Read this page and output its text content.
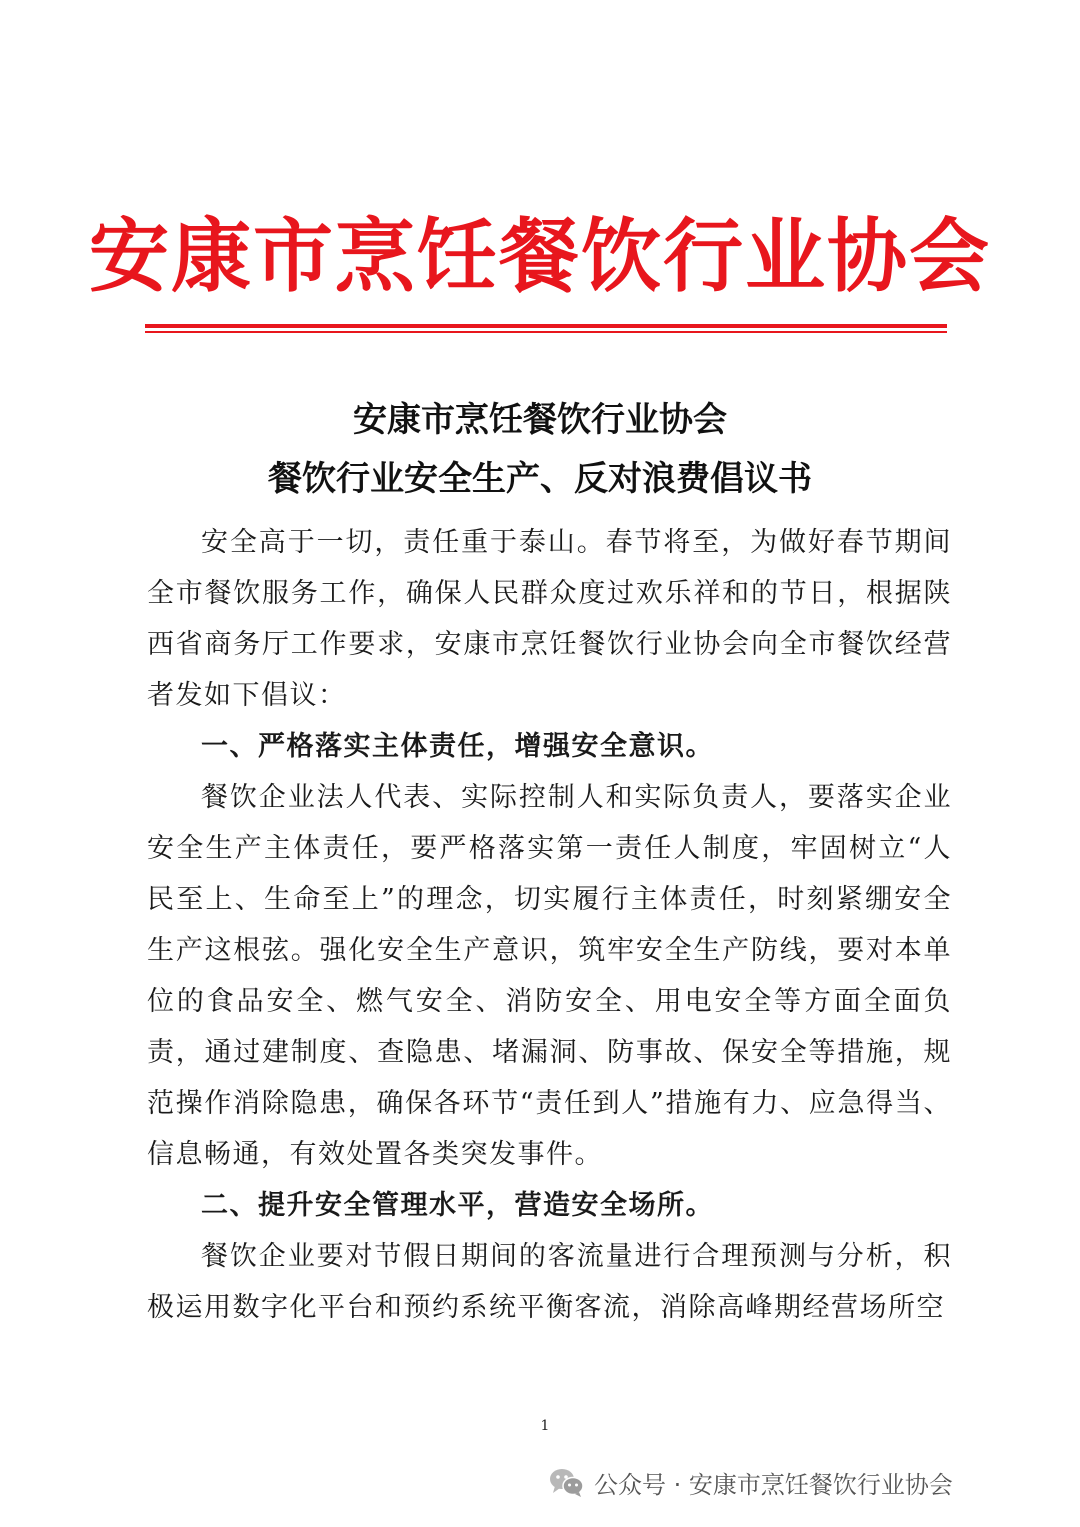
安康市烹饪餐饮行业协会
安康市烹饪餐饮行业协会
餐饮行业安全生产、反对浪费倡议书

安全高于一切，责任重于泰山。春节将至，为做好春节期间全市餐饮服务工作，确保人民群众度过欢乐祥和的节日，根据陕西省商务厅工作要求，安康市烹饪餐饮行业协会向全市餐饮经营者发如下倡议：

一、严格落实主体责任，增强安全意识。

餐饮企业法人代表、实际控制人和实际负责人，要落实企业安全生产主体责任，要严格落实第一责任人制度，牢固树立“人民至上、生命至上”的理念，切实履行主体责任，时刻紧绷安全生产这根弦。强化安全生产意识，筑牢安全生产防线，要对本单位的食品安全、燃气安全、消防安全、用电安全等方面全面负责，通过建制度、查隐患、堵漏洞、防事故、保安全等措施，规范操作消除隐患，确保各环节“责任到人”措施有力、应急得当、信息畅通，有效处置各类突发事件。

二、提升安全管理水平，营造安全场所。

餐饮企业要对节假日期间的客流量进行合理预测与分析，积极运用数字化平台和预约系统平衡客流，消除高峰期经营场所空

1
公众号 · 安康市烹饪餐饮行业协会
